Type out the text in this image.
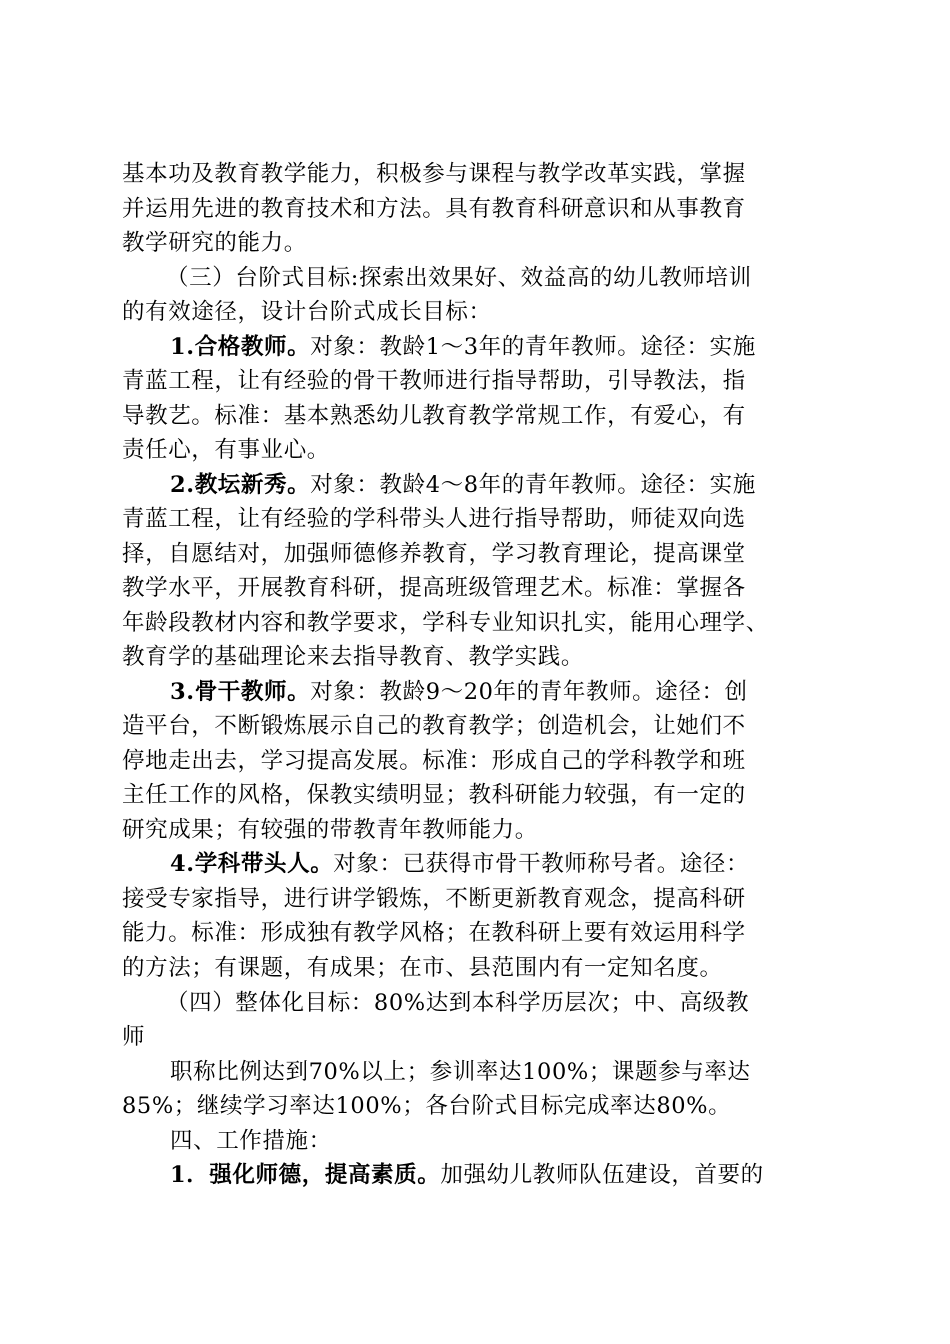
基本功及教育教学能力，积极参与课程与教学改革实践，掌握
并运用先进的教育技术和方法。具有教育科研意识和从事教育
教学研究的能力。
（三）台阶式目标:探索出效果好、效益高的幼儿教师培训
的有效途径，设计台阶式成长目标：
1.合格教师。对象：教龄1～3年的青年教师。途径：实施
青蓝工程，让有经验的骨干教师进行指导帮助，引导教法，指
导教艺。标准：基本熟悉幼儿教育教学常规工作，有爱心，有
责任心，有事业心。
2.教坛新秀。对象：教龄4～8年的青年教师。途径：实施
青蓝工程，让有经验的学科带头人进行指导帮助，师徒双向选
择，自愿结对，加强师德修养教育，学习教育理论，提高课堂
教学水平，开展教育科研，提高班级管理艺术。标准：掌握各
年龄段教材内容和教学要求，学科专业知识扎实，能用心理学、
教育学的基础理论来去指导教育、教学实践。
3.骨干教师。对象：教龄9～20年的青年教师。途径：创
造平台，不断锻炼展示自己的教育教学；创造机会，让她们不
停地走出去，学习提高发展。标准：形成自己的学科教学和班
主任工作的风格，保教实绩明显；教科研能力较强，有一定的
研究成果；有较强的带教青年教师能力。
4.学科带头人。对象：已获得市骨干教师称号者。途径：
接受专家指导，进行讲学锻炼，不断更新教育观念，提高科研
能力。标准：形成独有教学风格；在教科研上要有效运用科学
的方法；有课题，有成果；在市、县范围内有一定知名度。
（四）整体化目标：80%达到本科学历层次；中、高级教
师
职称比例达到70%以上；参训率达100%；课题参与率达
85%；继续学习率达100%；各台阶式目标完成率达80%。
四、工作措施：
1．强化师德，提高素质。加强幼儿教师队伍建设，首要的
